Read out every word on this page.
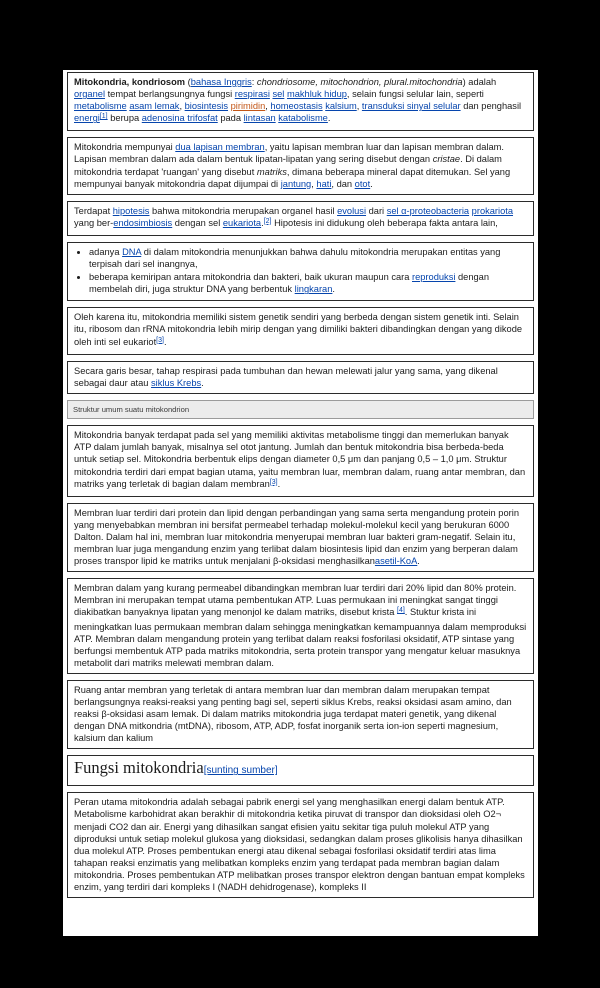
Mitokondria, kondriosom (bahasa Inggris: chondriosome, mitochondrion, plural.mitochondria) adalah organel tempat berlangsungnya fungsi respirasi sel makhluk hidup, selain fungsi selular lain, seperti metabolisme asam lemak, biosintesis pirimidin, homeostasis kalsium, transduksi sinyal selular dan penghasil energi[1] berupa adenosina trifosfat pada lintasan katabolisme.
Mitokondria mempunyai dua lapisan membran, yaitu lapisan membran luar dan lapisan membran dalam. Lapisan membran dalam ada dalam bentuk lipatan-lipatan yang sering disebut dengan cristae. Di dalam mitokondria terdapat 'ruangan' yang disebut matriks, dimana beberapa mineral dapat ditemukan. Sel yang mempunyai banyak mitokondria dapat dijumpai di jantung, hati, dan otot.
Terdapat hipotesis bahwa mitokondria merupakan organel hasil evolusi dari sel α-proteobacteria prokariota yang ber-endosimbiosis dengan sel eukariota.[2] Hipotesis ini didukung oleh beberapa fakta antara lain,
• adanya DNA di dalam mitokondria menunjukkan bahwa dahulu mitokondria merupakan entitas yang terpisah dari sel inangnya,
• beberapa kemiripan antara mitokondria dan bakteri, baik ukuran maupun cara reproduksi dengan membelah diri, juga struktur DNA yang berbentuk lingkaran.
Oleh karena itu, mitokondria memiliki sistem genetik sendiri yang berbeda dengan sistem genetik inti. Selain itu, ribosom dan rRNA mitokondria lebih mirip dengan yang dimiliki bakteri dibandingkan dengan yang dikode oleh inti sel eukariot[3].
Secara garis besar, tahap respirasi pada tumbuhan dan hewan melewati jalur yang sama, yang dikenal sebagai daur atau siklus Krebs.
Struktur umum suatu mitokondrion
Mitokondria banyak terdapat pada sel yang memiliki aktivitas metabolisme tinggi dan memerlukan banyak ATP dalam jumlah banyak, misalnya sel otot jantung. Jumlah dan bentuk mitokondria bisa berbeda-beda untuk setiap sel. Mitokondria berbentuk elips dengan diameter 0,5 μm dan panjang 0,5 – 1,0 μm. Struktur mitokondria terdiri dari empat bagian utama, yaitu membran luar, membran dalam, ruang antar membran, dan matriks yang terletak di bagian dalam membran[3].
Membran luar terdiri dari protein dan lipid dengan perbandingan yang sama serta mengandung protein porin yang menyebabkan membran ini bersifat permeabel terhadap molekul-molekul kecil yang berukuran 6000 Dalton. Dalam hal ini, membran luar mitokondria menyerupai membran luar bakteri gram-negatif. Selain itu, membran luar juga mengandung enzim yang terlibat dalam biosintesis lipid dan enzim yang berperan dalam proses transpor lipid ke matriks untuk menjalani β-oksidasi menghasilkanasetil-KoA.
Membran dalam yang kurang permeabel dibandingkan membran luar terdiri dari 20% lipid dan 80% protein. Membran ini merupakan tempat utama pembentukan ATP. Luas permukaan ini meningkat sangat tinggi diakibatkan banyaknya lipatan yang menonjol ke dalam matriks, disebut krista [4]. Stuktur krista ini meningkatkan luas permukaan membran dalam sehingga meningkatkan kemampuannya dalam memproduksi ATP. Membran dalam mengandung protein yang terlibat dalam reaksi fosforilasi oksidatif, ATP sintase yang berfungsi membentuk ATP pada matriks mitokondria, serta protein transpor yang mengatur keluar masuknya metabolit dari matriks melewati membran dalam.
Ruang antar membran yang terletak di antara membran luar dan membran dalam merupakan tempat berlangsungnya reaksi-reaksi yang penting bagi sel, seperti siklus Krebs, reaksi oksidasi asam amino, dan reaksi β-oksidasi asam lemak. Di dalam matriks mitokondria juga terdapat materi genetik, yang dikenal dengan DNA mitkondria (mtDNA), ribosom, ATP, ADP, fosfat inorganik serta ion-ion seperti magnesium, kalsium dan kalium
Fungsi mitokondria[sunting sumber]
Peran utama mitokondria adalah sebagai pabrik energi sel yang menghasilkan energi dalam bentuk ATP. Metabolisme karbohidrat akan berakhir di mitokondria ketika piruvat di transpor dan dioksidasi oleh O2¬ menjadi CO2 dan air. Energi yang dihasilkan sangat efisien yaitu sekitar tiga puluh molekul ATP yang diproduksi untuk setiap molekul glukosa yang dioksidasi, sedangkan dalam proses glikolisis hanya dihasilkan dua molekul ATP. Proses pembentukan energi atau dikenal sebagai fosforilasi oksidatif terdiri atas lima tahapan reaksi enzimatis yang melibatkan kompleks enzim yang terdapat pada membran bagian dalam mitokondria. Proses pembentukan ATP melibatkan proses transpor elektron dengan bantuan empat kompleks enzim, yang terdiri dari kompleks I (NADH dehidrogenase), kompleks II
